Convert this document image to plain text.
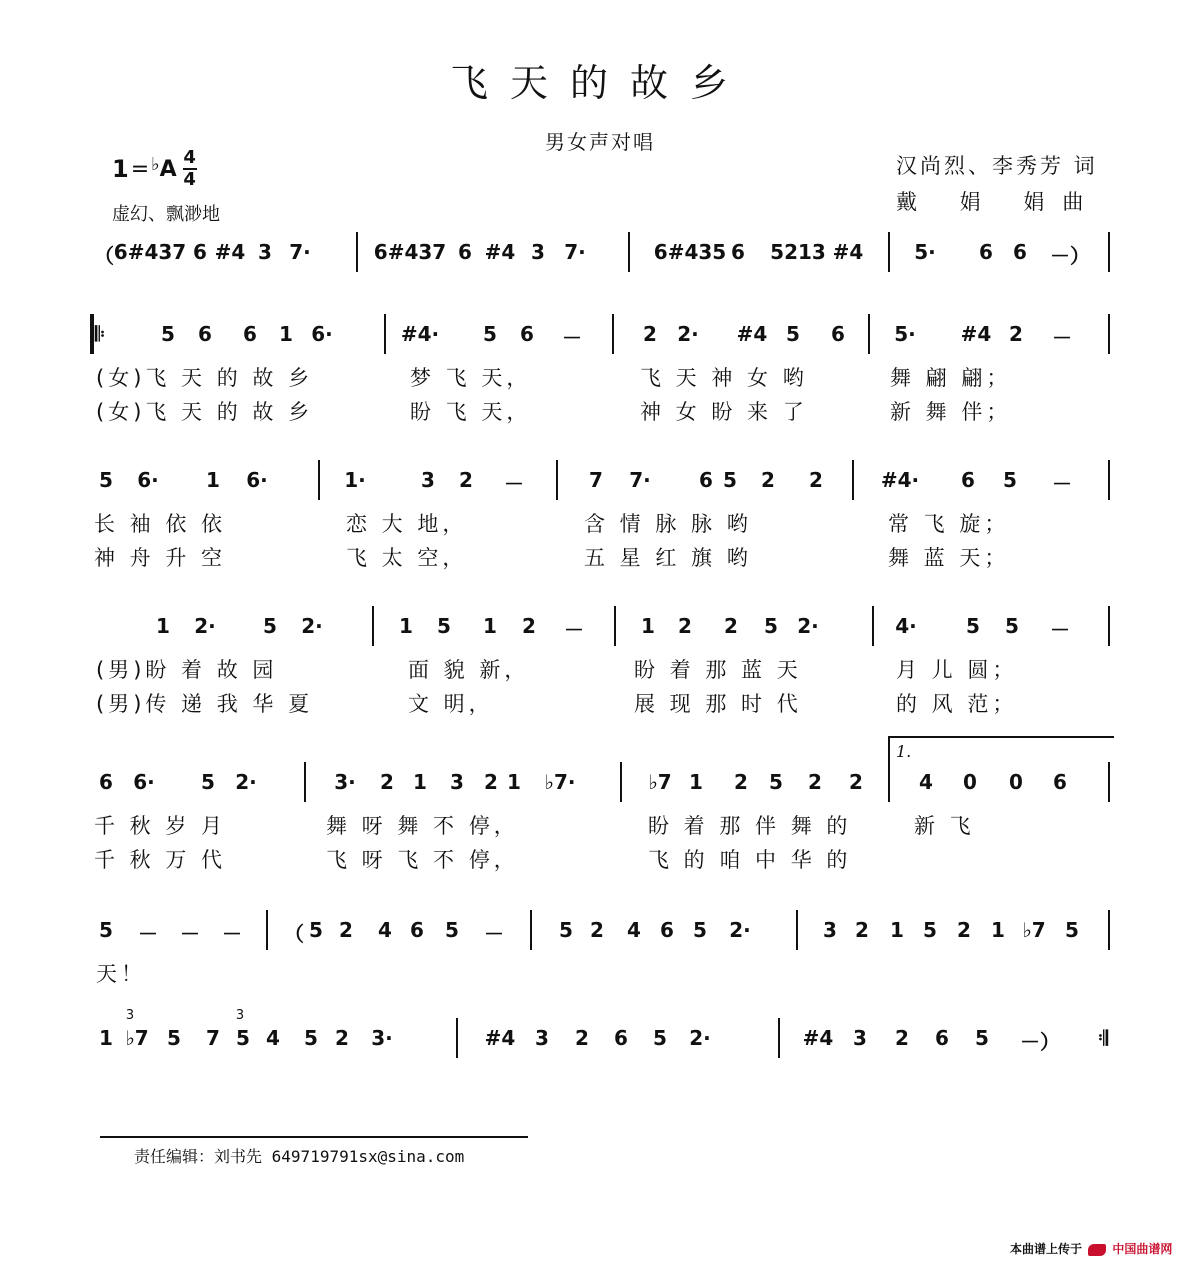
飞天的故乡
男女声对唱
1 = ♭ A 4
4
虚幻、飘渺地
汉尚烈、李秀芳 词
戴 娟 娟曲
（ 6#437 6 #4 3 7·	6#437 6 #4 3 7·	6#435 6 5213 #4	5· 6 6 －）
𝄆	5 6 6 1 6·	#4· 5 6 －	2 2· #4 5 6 5· #4 2 －
(女)飞 天 的 故 乡	梦 飞 天，	飞 天 神 女 哟	舞 翩 翩；
(女)飞 天 的 故 乡	盼 飞 天，	神 女 盼 来 了	新 舞 伴；
5 6· 1 6·	1·	3 2 －	7 7· 6 5 2 2	#4· 6 5 －
长 袖 依 依	恋 大 地，	含 情 脉 脉 哟	常 飞 旋；
神 舟 升 空	飞 太 空，	五 星 红 旗 哟	舞 蓝 天；
1 2· 5 2·	1 5 1 2 －	1 2 2 5 2·	4· 5 5 －
(男)盼 着 故 园	面 貌 新，	盼 着 那 蓝 天	月 儿 圆；
(男)传 递 我 华 夏	文 明，	展 现 那 时 代	的 风 范；
6 6· 5 2·	3· 2 1 3 2 1 ♭7·	♭7 1 2 5 2 2	4 0 0 6
千 秋 岁 月	舞 呀 舞 不 停，	盼 着 那 伴 舞 的	新 飞
千 秋 万 代	飞 呀 飞 不 停，	飞 的 咱 中 华 的
5 － － － （ 5 2 4 6 5 －	5 2 4 6 5 2·	3 2 1 5 2 1 ♭7 5
天！
1 ♭7 5 7 5 4 5 2 3·	#4 3 2 6 5 2·	#4 3 2 6 5 －） 𝄇
3	3
1.
责任编辑：刘书先 649719791sx@sina.com
本曲谱上传于	中国曲谱网
